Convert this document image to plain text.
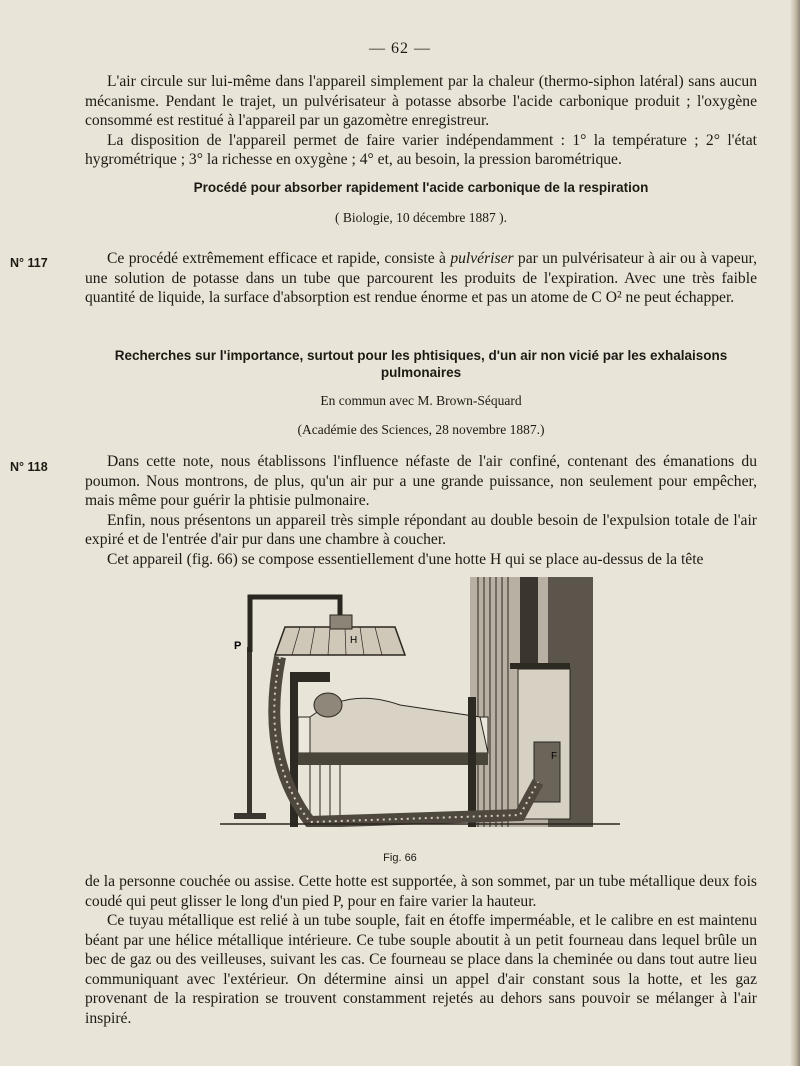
— 62 —

L'air circule sur lui-même dans l'appareil simplement par la chaleur (thermo-siphon latéral) sans aucun mécanisme. Pendant le trajet, un pulvérisateur à potasse absorbe l'acide carbonique produit ; l'oxygène consommé est restitué à l'appareil par un gazomètre enregistreur.

La disposition de l'appareil permet de faire varier indépendamment : 1° la température ; 2° l'état hygrométrique ; 3° la richesse en oxygène ; 4° et, au besoin, la pression barométrique.

Procédé pour absorber rapidement l'acide carbonique de la respiration
( Biologie, 10 décembre 1887 ).
N° 117	Ce procédé extrêmement efficace et rapide, consiste à pulvériser par un pulvérisateur à air ou à vapeur, une solution de potasse dans un tube que parcourent les produits de l'expiration. Avec une très faible quantité de liquide, la surface d'absorption est rendue énorme et pas un atome de C O² ne peut échapper.

Recherches sur l'importance, surtout pour les phtisiques, d'un air non vicié par les exhalaisons
pulmonaires
En commun avec M. Brown-Séquard
(Académie des Sciences, 28 novembre 1887.)
N° 118	Dans cette note, nous établissons l'influence néfaste de l'air confiné, contenant des émanations du poumon. Nous montrons, de plus, qu'un air pur a une grande puissance, non seulement pour empêcher, mais même pour guérir la phtisie pulmonaire.

Enfin, nous présentons un appareil très simple répondant au double besoin de l'expulsion totale de l'air expiré et de l'entrée d'air pur dans une chambre à coucher.

Cet appareil (fig. 66) se compose essentiellement d'une hotte H qui se place au-dessus de la tête

F
P	H
Fig. 66

de la personne couchée ou assise. Cette hotte est supportée, à son sommet, par un tube métallique deux fois coudé qui peut glisser le long d'un pied P, pour en faire varier la hauteur.

Ce tuyau métallique est relié à un tube souple, fait en étoffe imperméable, et le calibre en est maintenu béant par une hélice métallique intérieure. Ce tube souple aboutit à un petit fourneau dans lequel brûle un bec de gaz ou des veilleuses, suivant les cas. Ce fourneau se place dans la cheminée ou dans tout autre lieu communiquant avec l'extérieur. On détermine ainsi un appel d'air constant sous la hotte, et les gaz provenant de la respiration se trouvent constamment rejetés au dehors sans pouvoir se mélanger à l'air inspiré.
